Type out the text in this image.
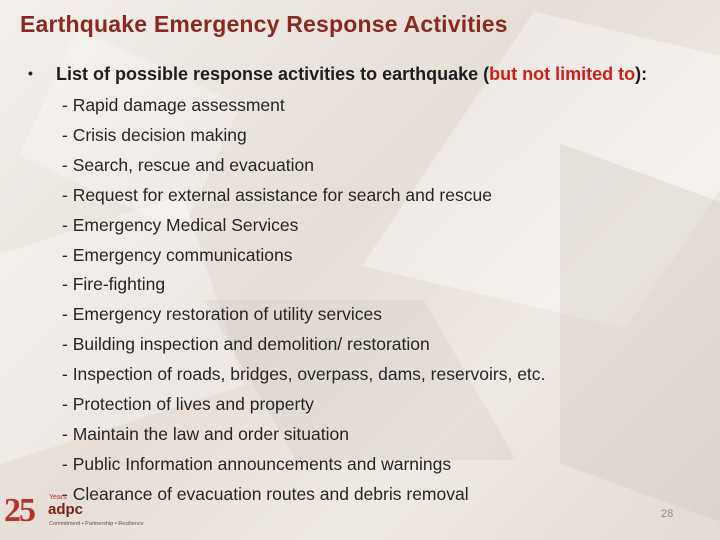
Earthquake Emergency Response Activities
•	List of possible response activities to earthquake (but not limited to):
- Rapid damage assessment
- Crisis decision making
- Search, rescue and evacuation
- Request for external assistance for search and rescue
- Emergency Medical Services
- Emergency communications
- Fire-fighting
- Emergency restoration of utility services
- Building inspection and demolition/ restoration
- Inspection of roads, bridges, overpass, dams, reservoirs, etc.
- Protection of lives and property
- Maintain the law and order situation
- Public Information announcements and warnings
- Clearance of evacuation routes and debris removal
25 Years
adpc
Commitment • Partnership • Resilience
28
